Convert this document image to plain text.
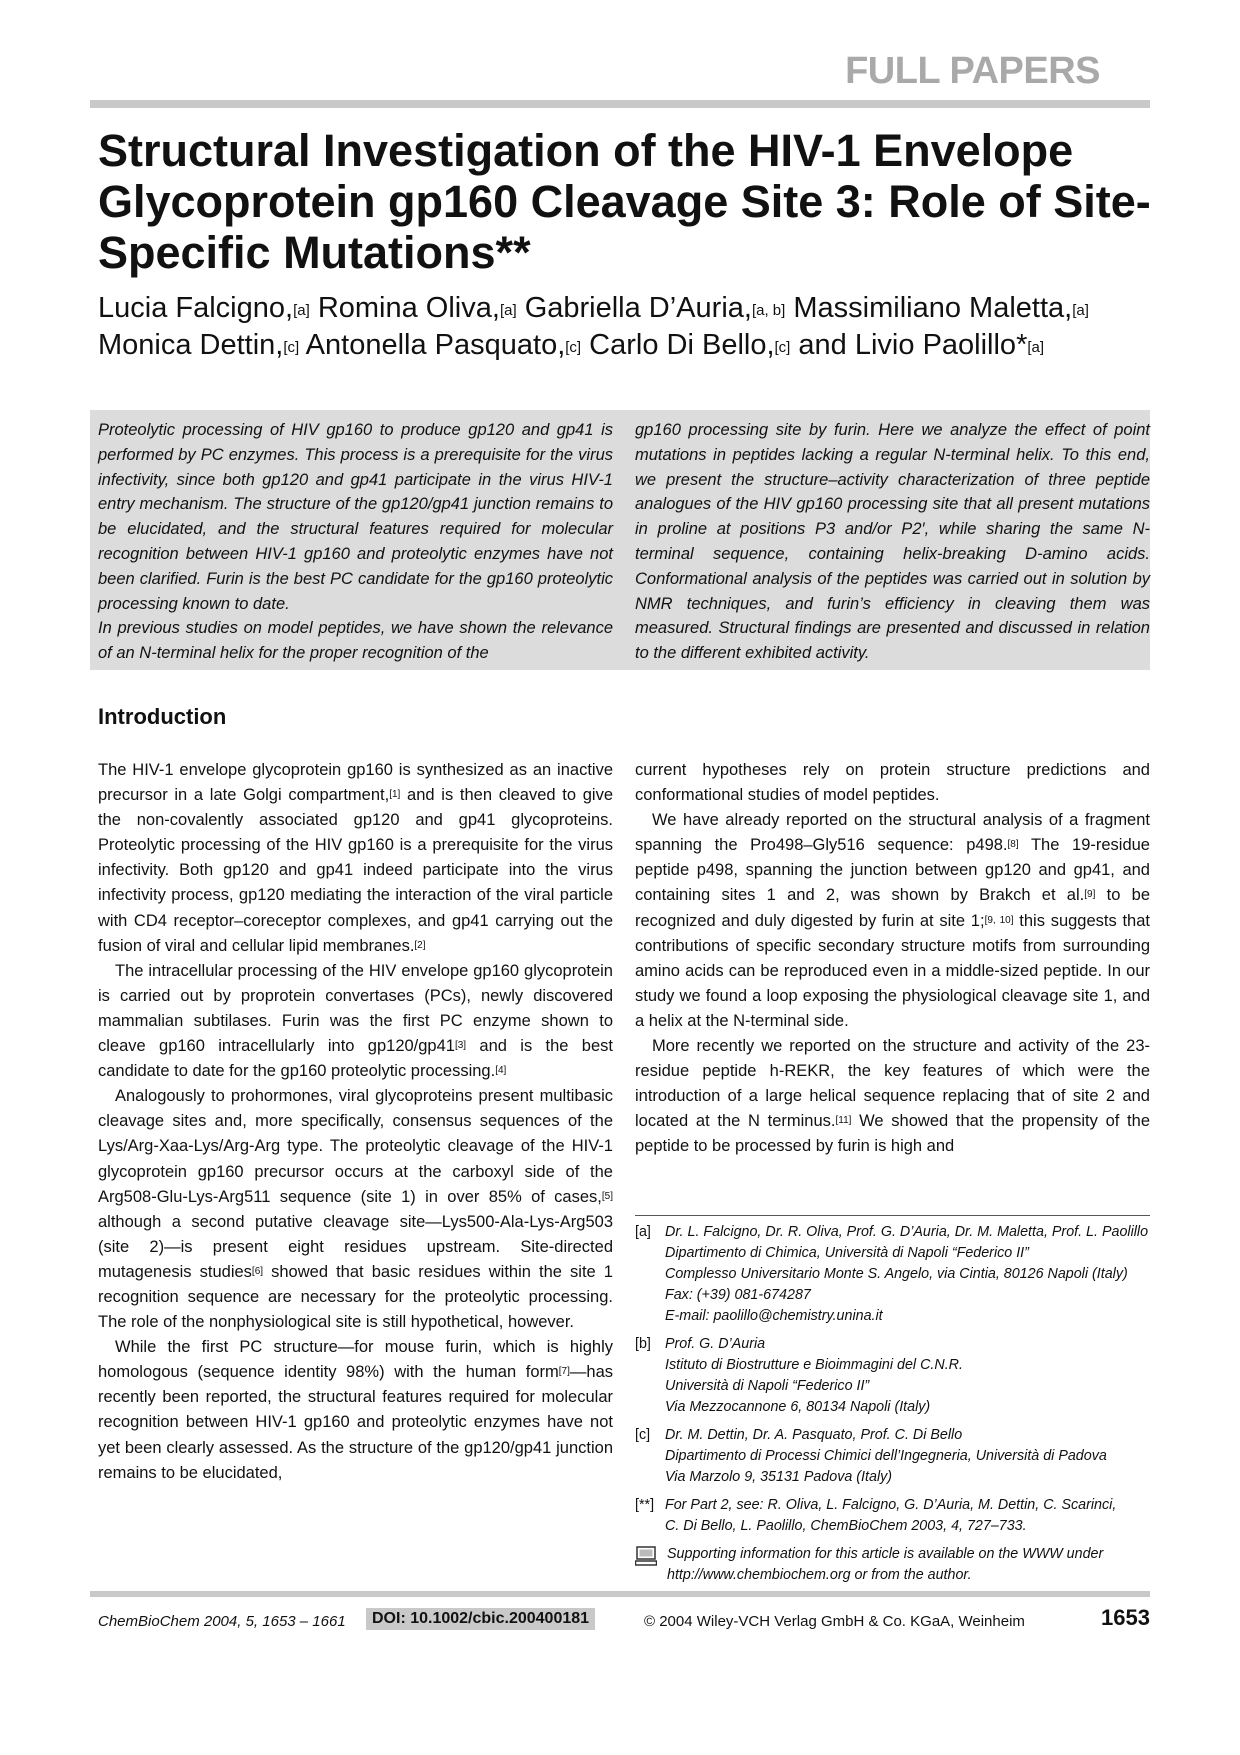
FULL PAPERS
Structural Investigation of the HIV-1 Envelope Glycoprotein gp160 Cleavage Site 3: Role of Site-Specific Mutations**
Lucia Falcigno,[a] Romina Oliva,[a] Gabriella D’Auria,[a, b] Massimiliano Maletta,[a] Monica Dettin,[c] Antonella Pasquato,[c] Carlo Di Bello,[c] and Livio Paolillo*[a]

Proteolytic processing of HIV gp160 to produce gp120 and gp41 is performed by PC enzymes. This process is a prerequisite for the virus infectivity, since both gp120 and gp41 participate in the virus HIV-1 entry mechanism. The structure of the gp120/gp41 junction remains to be elucidated, and the structural features required for molecular recognition between HIV-1 gp160 and proteolytic enzymes have not been clarified. Furin is the best PC candidate for the gp160 proteolytic processing known to date.

In previous studies on model peptides, we have shown the relevance of an N-terminal helix for the proper recognition of the

gp160 processing site by furin. Here we analyze the effect of point mutations in peptides lacking a regular N-terminal helix. To this end, we present the structure–activity characterization of three peptide analogues of the HIV gp160 processing site that all present mutations in proline at positions P3 and/or P2′, while sharing the same N-terminal sequence, containing helix-breaking D-amino acids. Conformational analysis of the peptides was carried out in solution by NMR techniques, and furin’s efficiency in cleaving them was measured. Structural findings are presented and discussed in relation to the different exhibited activity.

Introduction

The HIV-1 envelope glycoprotein gp160 is synthesized as an inactive precursor in a late Golgi compartment,[1] and is then cleaved to give the non-covalently associated gp120 and gp41 glycoproteins. Proteolytic processing of the HIV gp160 is a prerequisite for the virus infectivity. Both gp120 and gp41 indeed participate into the virus infectivity process, gp120 mediating the interaction of the viral particle with CD4 receptor–coreceptor complexes, and gp41 carrying out the fusion of viral and cellular lipid membranes.[2]

The intracellular processing of the HIV envelope gp160 glycoprotein is carried out by proprotein convertases (PCs), newly discovered mammalian subtilases. Furin was the first PC enzyme shown to cleave gp160 intracellularly into gp120/gp41[3] and is the best candidate to date for the gp160 proteolytic processing.[4]

Analogously to prohormones, viral glycoproteins present multibasic cleavage sites and, more specifically, consensus sequences of the Lys/Arg-Xaa-Lys/Arg-Arg type. The proteolytic cleavage of the HIV-1 glycoprotein gp160 precursor occurs at the carboxyl side of the Arg508-Glu-Lys-Arg511 sequence (site 1) in over 85% of cases,[5] although a second putative cleavage site—Lys500-Ala-Lys-Arg503 (site 2)—is present eight residues upstream. Site-directed mutagenesis studies[6] showed that basic residues within the site 1 recognition sequence are necessary for the proteolytic processing. The role of the nonphysiological site is still hypothetical, however.

While the first PC structure—for mouse furin, which is highly homologous (sequence identity 98%) with the human form[7]—has recently been reported, the structural features required for molecular recognition between HIV-1 gp160 and proteolytic enzymes have not yet been clearly assessed. As the structure of the gp120/gp41 junction remains to be elucidated,

current hypotheses rely on protein structure predictions and conformational studies of model peptides.

We have already reported on the structural analysis of a fragment spanning the Pro498–Gly516 sequence: p498.[8] The 19-residue peptide p498, spanning the junction between gp120 and gp41, and containing sites 1 and 2, was shown by Brakch et al.[9] to be recognized and duly digested by furin at site 1;[9, 10] this suggests that contributions of specific secondary structure motifs from surrounding amino acids can be reproduced even in a middle-sized peptide. In our study we found a loop exposing the physiological cleavage site 1, and a helix at the N-terminal side.

More recently we reported on the structure and activity of the 23-residue peptide h-REKR, the key features of which were the introduction of a large helical sequence replacing that of site 2 and located at the N terminus.[11] We showed that the propensity of the peptide to be processed by furin is high and

[a] Dr. L. Falcigno, Dr. R. Oliva, Prof. G. D’Auria, Dr. M. Maletta, Prof. L. Paolillo
Dipartimento di Chimica, Università di Napoli “Federico II”
Complesso Universitario Monte S. Angelo, via Cintia, 80126 Napoli (Italy)
Fax: (+39) 081-674287
E-mail: paolillo@chemistry.unina.it
[b] Prof. G. D’Auria
Istituto di Biostrutture e Bioimmagini del C.N.R.
Università di Napoli “Federico II”
Via Mezzocannone 6, 80134 Napoli (Italy)
[c]	Dr. M. Dettin, Dr. A. Pasquato, Prof. C. Di Bello
Dipartimento di Processi Chimici dell’Ingegneria, Università di Padova
Via Marzolo 9, 35131 Padova (Italy)
[**] For Part 2, see: R. Oliva, L. Falcigno, G. D’Auria, M. Dettin, C. Scarinci,
C. Di Bello, L. Paolillo, ChemBioChem 2003, 4, 727–733.
Supporting information for this article is available on the WWW under
http://www.chembiochem.org or from the author.
ChemBioChem 2004, 5, 1653 – 1661	DOI: 10.1002/cbic.200400181	© 2004 Wiley-VCH Verlag GmbH & Co. KGaA, Weinheim	1653
